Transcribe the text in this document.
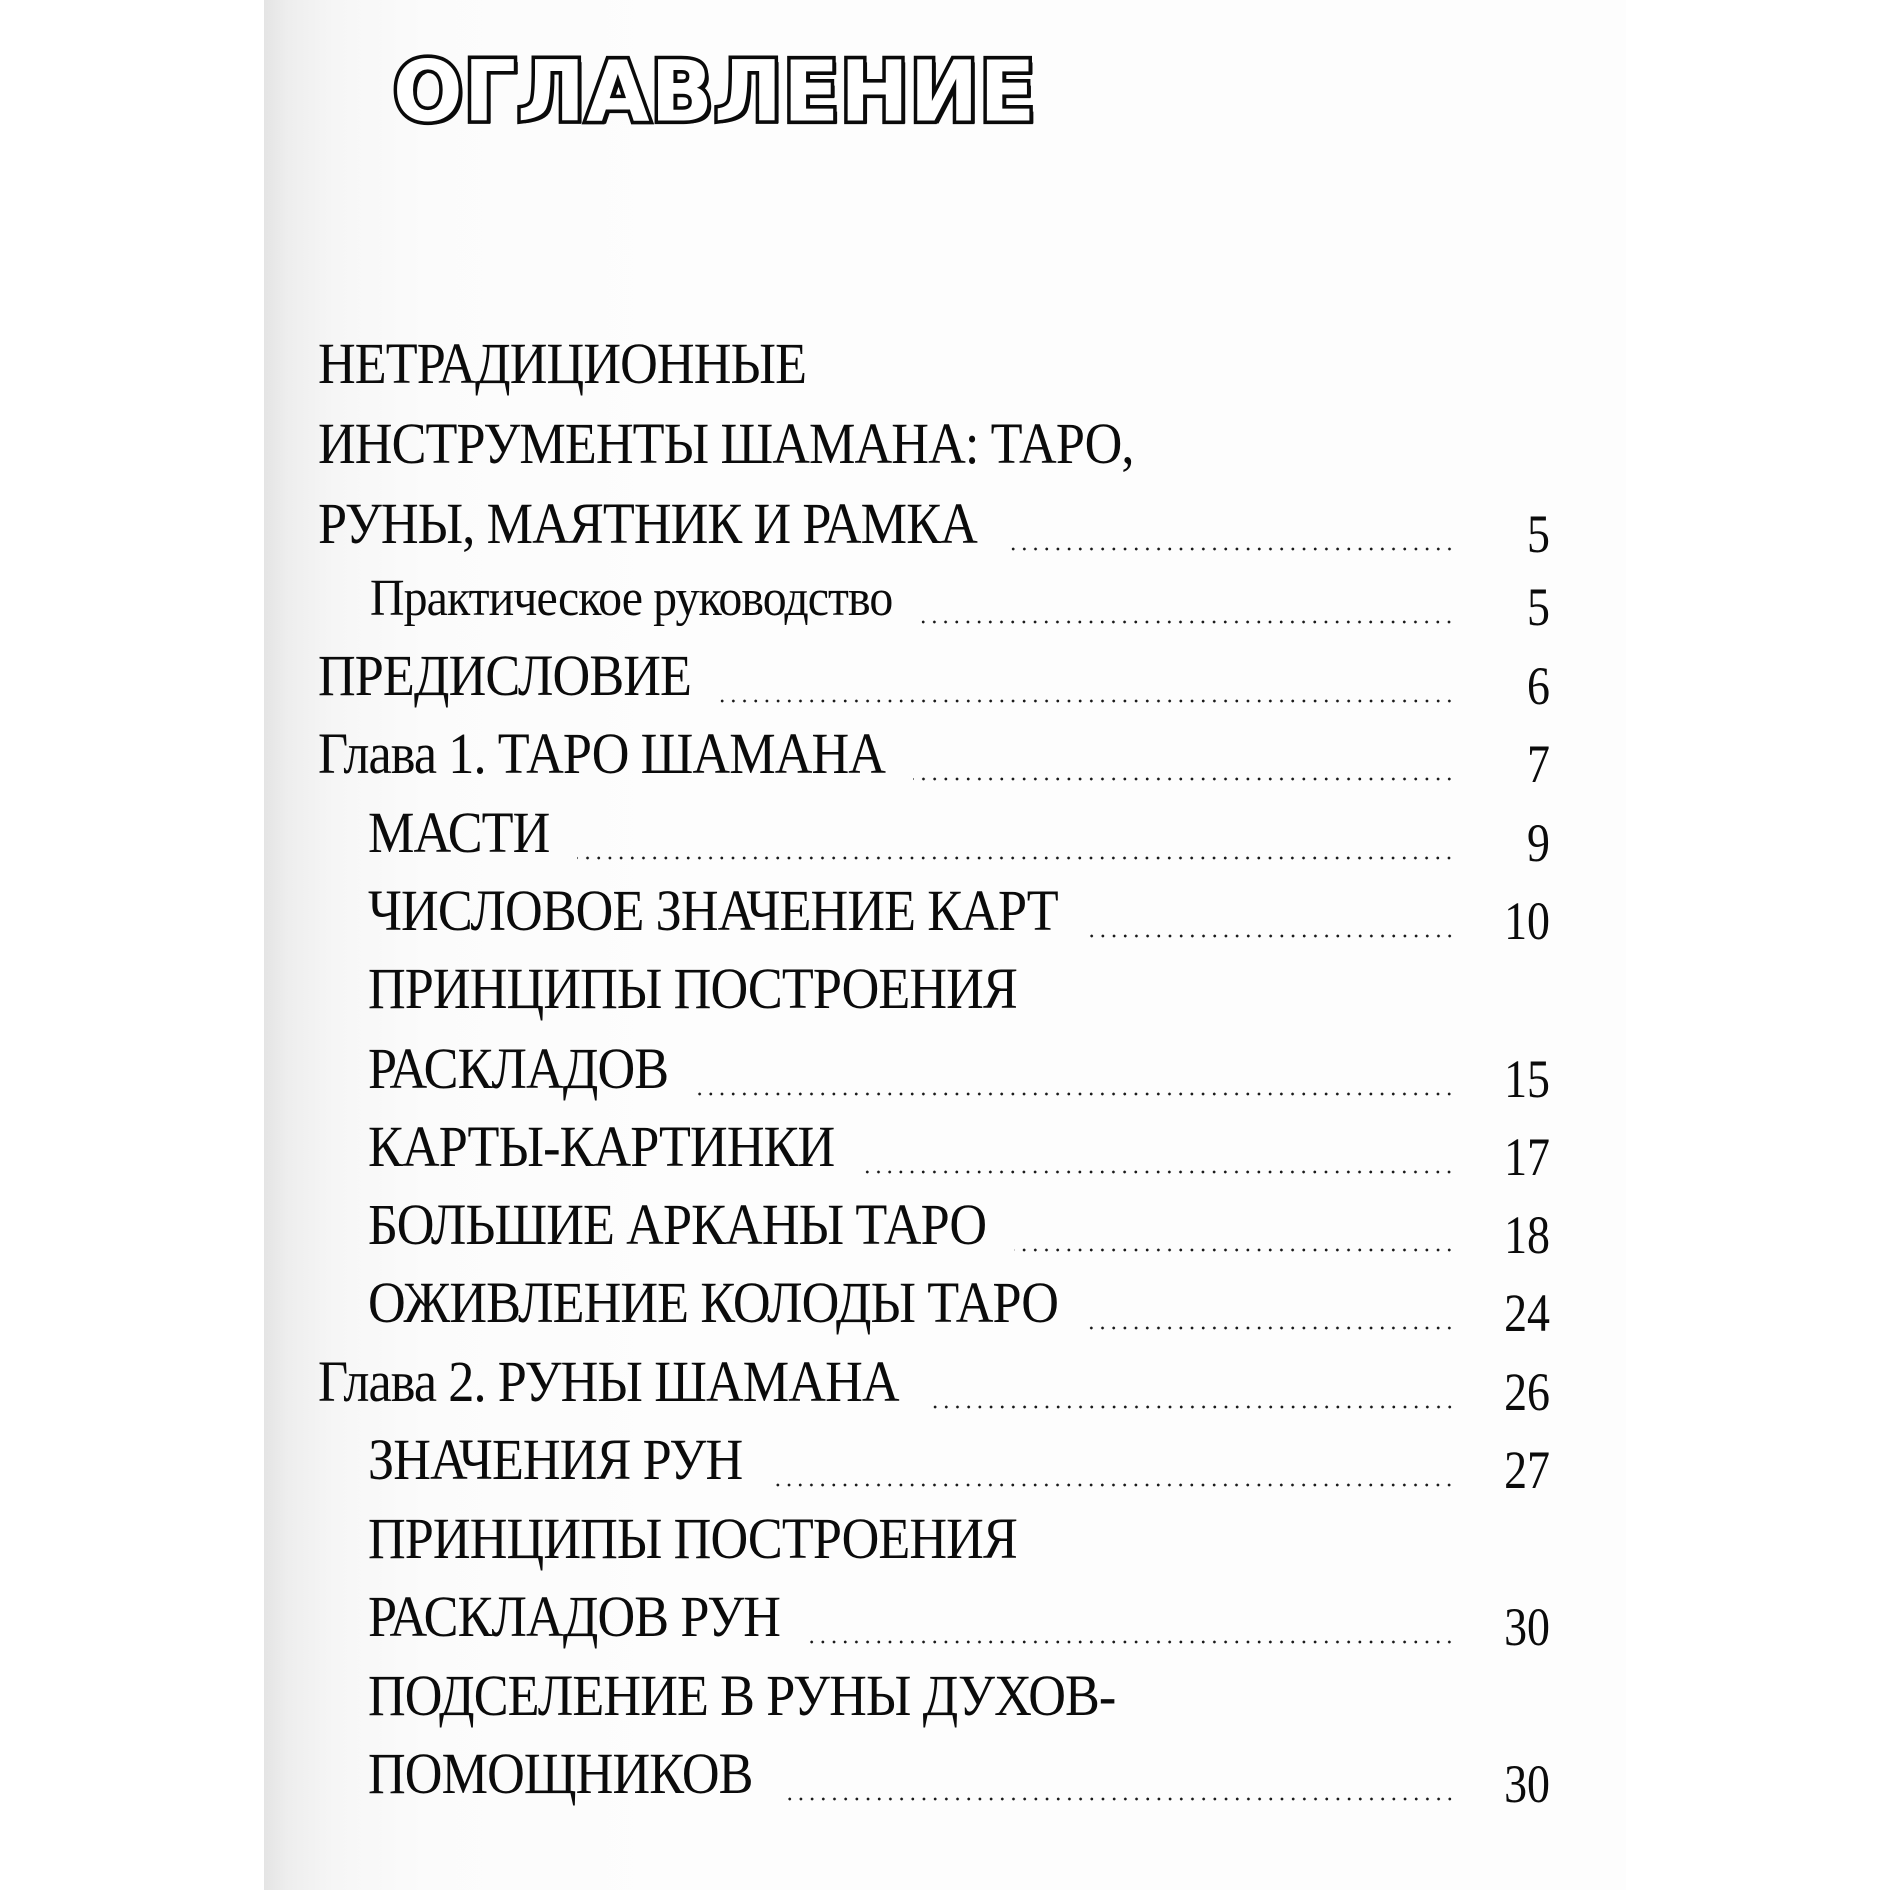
ОГЛАВЛЕНИЕ
НЕТРАДИЦИОННЫЕ
ИНСТРУМЕНТЫ ШАМАНА: ТАРО,
РУНЫ, МАЯТНИК И РАМКА	5
Практическое руководство	5
ПРЕДИСЛОВИЕ	6
Глава 1. ТАРО ШАМАНА	7
МАСТИ	9
ЧИСЛОВОЕ ЗНАЧЕНИЕ КАРТ	10
ПРИНЦИПЫ ПОСТРОЕНИЯ
РАСКЛАДОВ	15
КАРТЫ-КАРТИНКИ	17
БОЛЬШИЕ АРКАНЫ ТАРО	18
ОЖИВЛЕНИЕ КОЛОДЫ ТАРО	24
Глава 2. РУНЫ ШАМАНА	26
ЗНАЧЕНИЯ РУН	27
ПРИНЦИПЫ ПОСТРОЕНИЯ
РАСКЛАДОВ РУН	30
ПОДСЕЛЕНИЕ В РУНЫ ДУХОВ-
ПОМОЩНИКОВ	30
